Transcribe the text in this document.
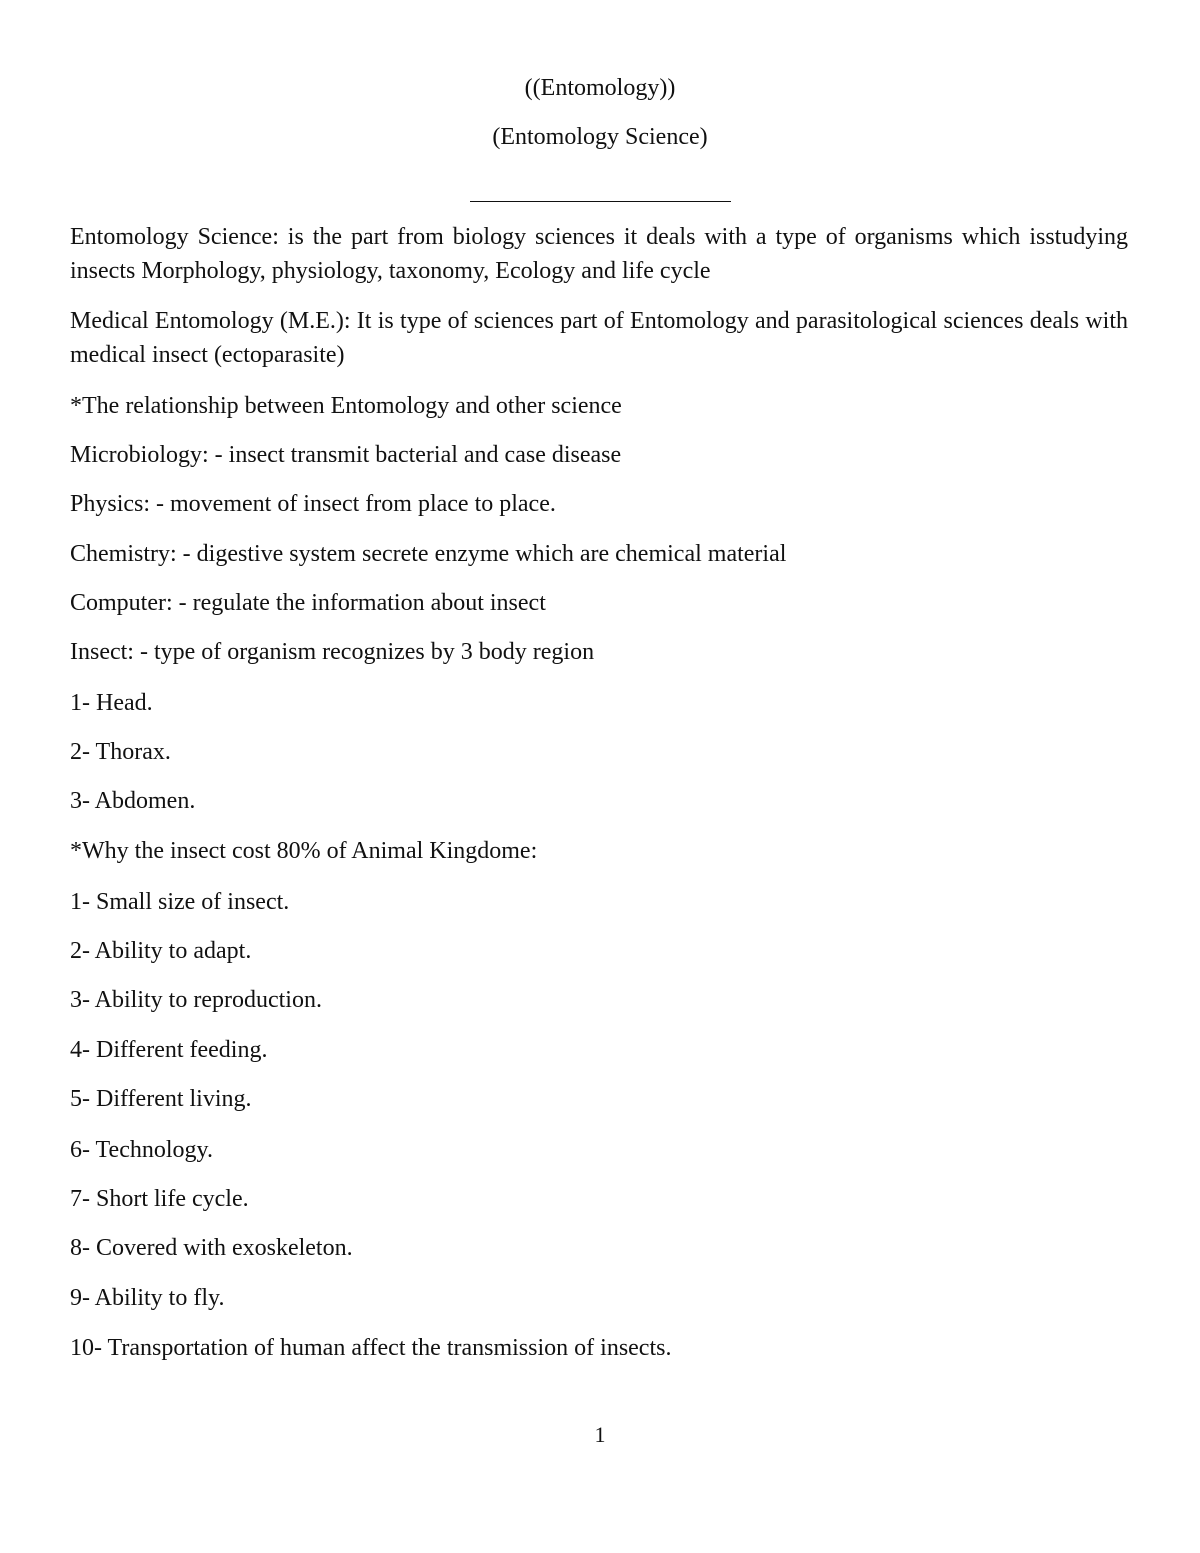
((Entomology))
(Entomology Science)
Entomology Science: is the part from biology sciences it deals with a type of organisms which isstudying insects Morphology, physiology, taxonomy, Ecology and life cycle
Medical Entomology (M.E.): It is type of sciences part of Entomology and parasitological sciences deals with medical insect (ectoparasite)
*The relationship between Entomology and other science
Microbiology: - insect transmit bacterial and case disease
Physics: - movement of insect from place to place.
Chemistry: - digestive system secrete enzyme which are chemical material
Computer: - regulate the information about insect
Insect: - type of organism recognizes by 3 body region
1- Head.
2- Thorax.
3- Abdomen.
*Why the insect cost 80% of Animal Kingdome:
1- Small size of insect.
2- Ability to adapt.
3- Ability to reproduction.
4- Different feeding.
5- Different living.
6- Technology.
7- Short life cycle.
8- Covered with exoskeleton.
9- Ability to fly.
10- Transportation of human affect the transmission of insects.
1
